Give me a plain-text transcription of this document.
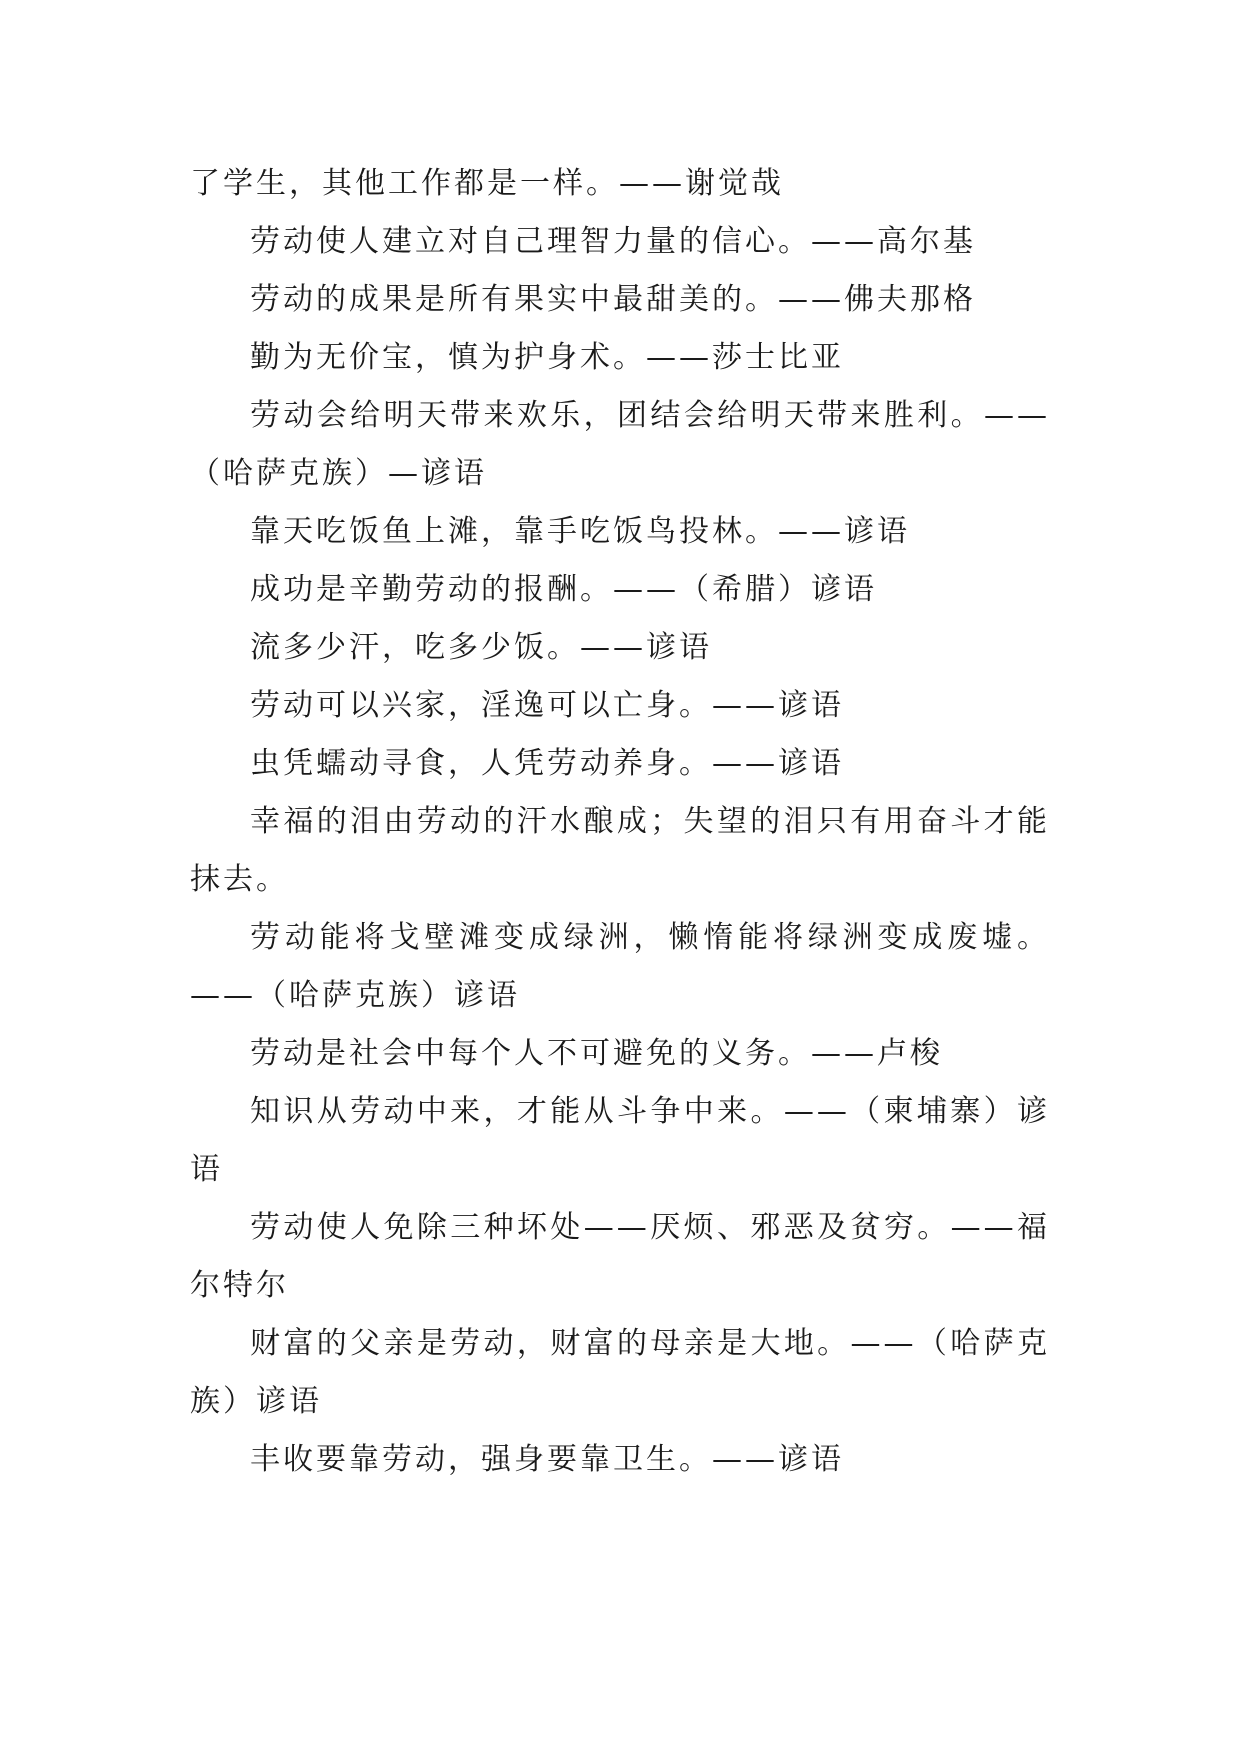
了学生，其他工作都是一样。——谢觉哉

劳动使人建立对自己理智力量的信心。——高尔基

劳动的成果是所有果实中最甜美的。——佛夫那格

勤为无价宝，慎为护身术。——莎士比亚

劳动会给明天带来欢乐，团结会给明天带来胜利。——（哈萨克族）—谚语

靠天吃饭鱼上滩，靠手吃饭鸟投林。——谚语

成功是辛勤劳动的报酬。——（希腊）谚语

流多少汗，吃多少饭。——谚语

劳动可以兴家，淫逸可以亡身。——谚语

虫凭蠕动寻食，人凭劳动养身。——谚语

幸福的泪由劳动的汗水酿成；失望的泪只有用奋斗才能抹去。

劳动能将戈壁滩变成绿洲，懒惰能将绿洲变成废墟。——（哈萨克族）谚语

劳动是社会中每个人不可避免的义务。——卢梭

知识从劳动中来，才能从斗争中来。——（柬埔寨）谚语

劳动使人免除三种坏处——厌烦、邪恶及贫穷。——福尔特尔

财富的父亲是劳动，财富的母亲是大地。——（哈萨克族）谚语

丰收要靠劳动，强身要靠卫生。——谚语
